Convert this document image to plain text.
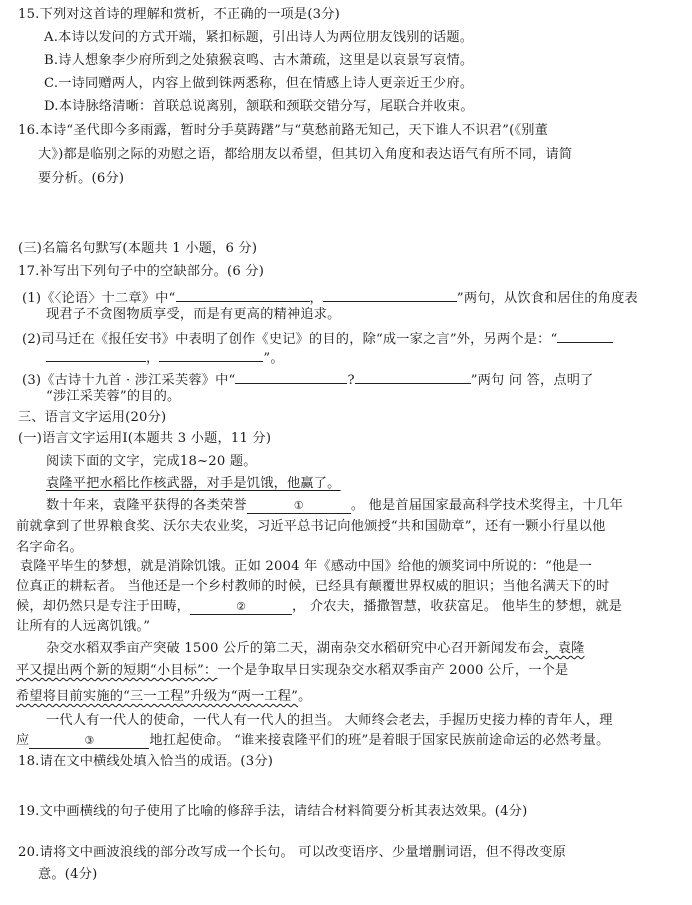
15.下列对这首诗的理解和赏析，不正确的一项是(3分)
A.本诗以发问的方式开端，紧扣标题，引出诗人为两位朋友饯别的话题。
B.诗人想象李少府所到之处猿猴哀鸣、古木萧疏，这里是以哀景写哀情。
C.一诗同赠两人，内容上做到铢两悉称，但在情感上诗人更亲近王少府。
D.本诗脉络清晰：首联总说离别，颔联和颈联交错分写，尾联合并收束。
16.本诗“圣代即今多雨露，暂时分手莫踌躇”与“莫愁前路无知己，天下谁人不识君”(《别董
大》)都是临别之际的劝慰之语，都给朋友以希望，但其切入角度和表达语气有所不同，请简
要分析。(6分)
(三)名篇名句默写(本题共 1 小题，6 分)
17.补写出下列句子中的空缺部分。(6 分)
(1)《〈论语〉十二章》中“	，	”两句，从饮食和居住的角度表
现君子不贪图物质享受，而是有更高的精神追求。
(2)司马迁在《报任安书》中表明了创作《史记》的目的，除“成一家之言”外，另两个是：“
，	”。
(3)《古诗十九首 · 涉江采芙蓉》中“	?	”两句 问 答，点明了
“涉江采芙蓉”的目的。
三、语言文字运用(20分)
(一)语言文字运用Ⅰ(本题共 3 小题，11 分)
阅读下面的文字，完成18~20 题。
袁隆平把水稻比作核武器，对手是饥饿，他赢了。
数十年来，袁隆平获得的各类荣誉	①	。 他是首届国家最高科学技术奖得主，十几年
前就拿到了世界粮食奖、沃尔夫农业奖，习近平总书记向他颁授“共和国勋章”，还有一颗小行星以他
名字命名。
袁隆平毕生的梦想，就是消除饥饿。正如 2004 年《感动中国》给他的颁奖词中所说的：“他是一
位真正的耕耘者。 当他还是一个乡村教师的时候，已经具有颠覆世界权威的胆识；当他名满天下的时
候，却仍然只是专注于田畴，	②	， 介农夫，播撒智慧，收获富足。 他毕生的梦想，就是
让所有的人远离饥饿。”
杂交水稻双季亩产突破 1500 公斤的第二天，湖南杂交水稻研究中心召开新闻发布会，袁隆
平又提出两个新的短期“小目标”：一个是争取早日实现杂交水稻双季亩产 2000 公斤，一个是
希望将目前实施的“三一工程”升级为“两一工程”。
一代人有一代人的使命，一代人有一代人的担当。 大师终会老去，手握历史接力棒的青年人，理
应	③	地扛起使命。 “谁来接袁隆平们的班”是着眼于国家民族前途命运的必然考量。
18.请在文中横线处填入恰当的成语。(3分)
19.文中画横线的句子使用了比喻的修辞手法，请结合材料简要分析其表达效果。(4分)
20.请将文中画波浪线的部分改写成一个长句。 可以改变语序、少量增删词语，但不得改变原
意。(4分)
